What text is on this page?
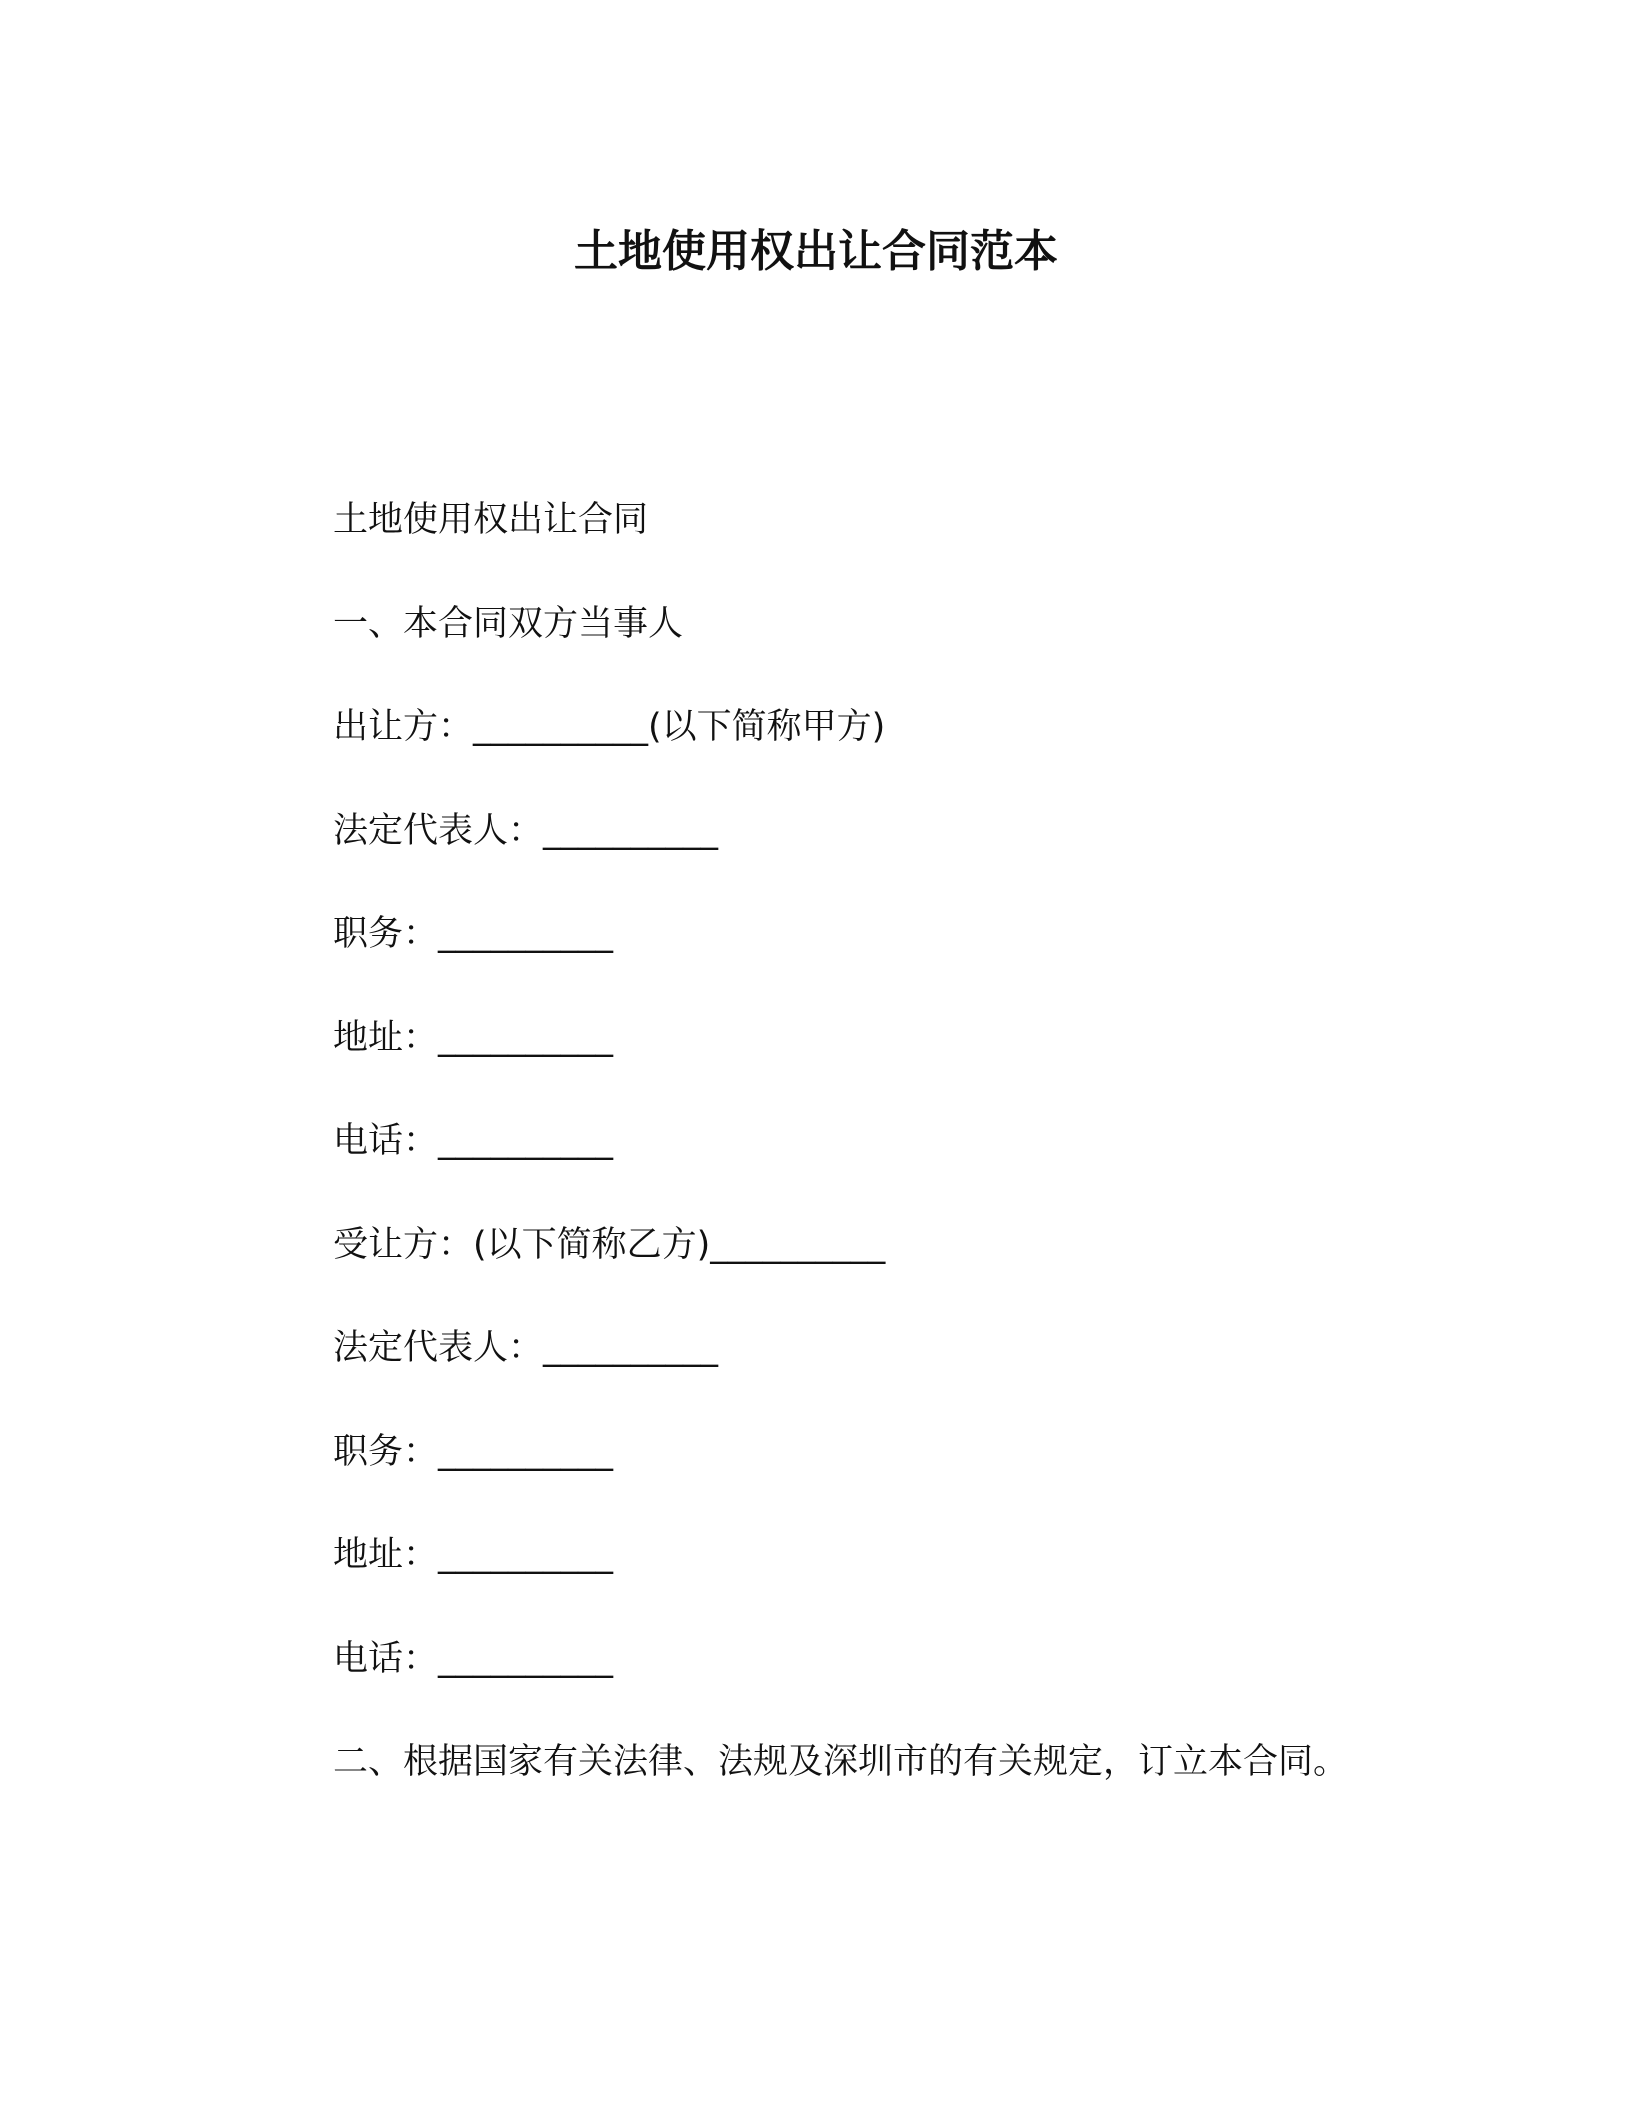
土地使用权出让合同范本
土地使用权出让合同
一、本合同双方当事人
出让方：__________(以下简称甲方)
法定代表人：__________
职务：__________
地址：__________
电话：__________
受让方：(以下简称乙方)__________
法定代表人：__________
职务：__________
地址：__________
电话：__________
二、根据国家有关法律、法规及深圳市的有关规定，订立本合同。
